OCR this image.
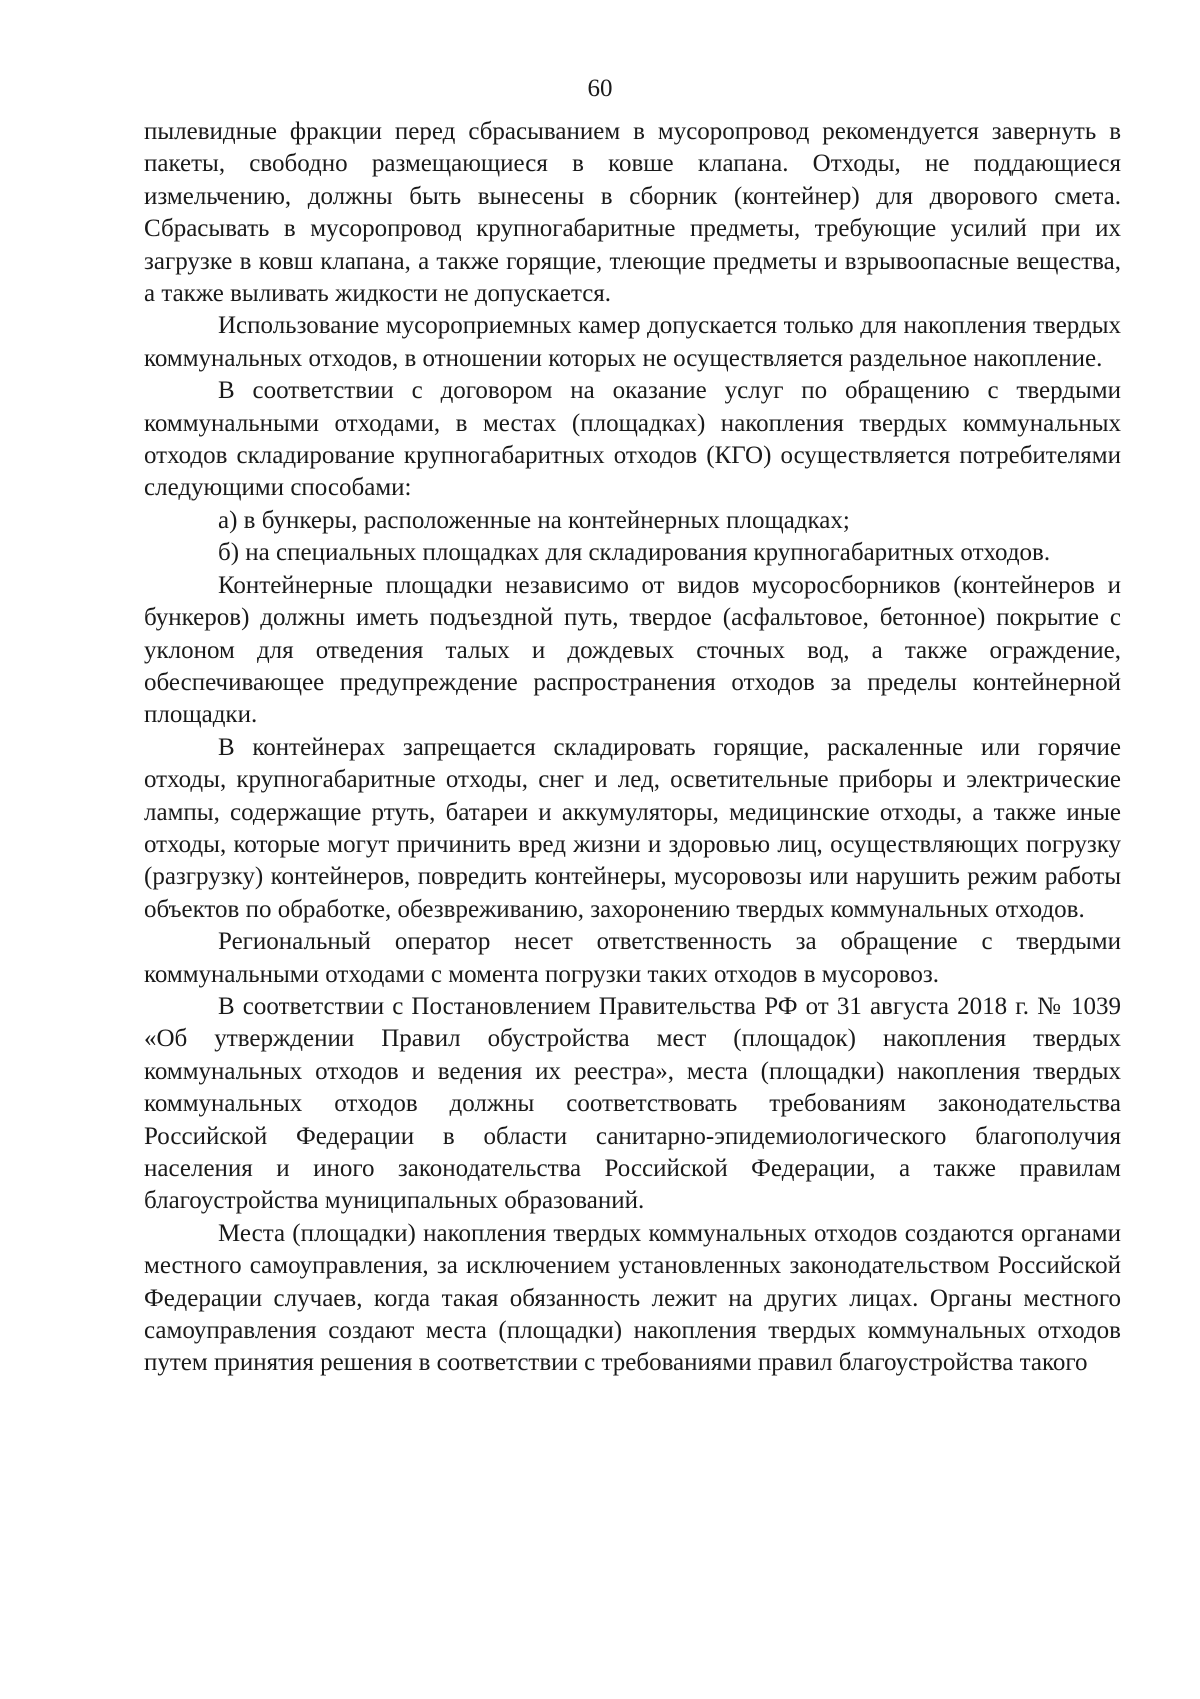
60

пылевидные фракции перед сбрасыванием в мусоропровод рекомендуется завернуть в пакеты, свободно размещающиеся в ковше клапана. Отходы, не поддающиеся измельчению, должны быть вынесены в сборник (контейнер) для дворового смета. Сбрасывать в мусоропровод крупногабаритные предметы, требующие усилий при их загрузке в ковш клапана, а также горящие, тлеющие предметы и взрывоопасные вещества, а также выливать жидкости не допускается.

Использование мусороприемных камер допускается только для накопления твердых коммунальных отходов, в отношении которых не осуществляется раздельное накопление.

В соответствии с договором на оказание услуг по обращению с твердыми коммунальными отходами, в местах (площадках) накопления твердых коммунальных отходов складирование крупногабаритных отходов (КГО) осуществляется потребителями следующими способами:

а) в бункеры, расположенные на контейнерных площадках;

б) на специальных площадках для складирования крупногабаритных отходов.

Контейнерные площадки независимо от видов мусоросборников (контейнеров и бункеров) должны иметь подъездной путь, твердое (асфальтовое, бетонное) покрытие с уклоном для отведения талых и дождевых сточных вод, а также ограждение, обеспечивающее предупреждение распространения отходов за пределы контейнерной площадки.

В контейнерах запрещается складировать горящие, раскаленные или горячие отходы, крупногабаритные отходы, снег и лед, осветительные приборы и электрические лампы, содержащие ртуть, батареи и аккумуляторы, медицинские отходы, а также иные отходы, которые могут причинить вред жизни и здоровью лиц, осуществляющих погрузку (разгрузку) контейнеров, повредить контейнеры, мусоровозы или нарушить режим работы объектов по обработке, обезвреживанию, захоронению твердых коммунальных отходов.

Региональный оператор несет ответственность за обращение с твердыми коммунальными отходами с момента погрузки таких отходов в мусоровоз.

В соответствии с Постановлением Правительства РФ от 31 августа 2018 г. № 1039 «Об утверждении Правил обустройства мест (площадок) накопления твердых коммунальных отходов и ведения их реестра», места (площадки) накопления твердых коммунальных отходов должны соответствовать требованиям законодательства Российской Федерации в области санитарно-эпидемиологического благополучия населения и иного законодательства Российской Федерации, а также правилам благоустройства муниципальных образований.

Места (площадки) накопления твердых коммунальных отходов создаются органами местного самоуправления, за исключением установленных законодательством Российской Федерации случаев, когда такая обязанность лежит на других лицах. Органы местного самоуправления создают места (площадки) накопления твердых коммунальных отходов путем принятия решения в соответствии с требованиями правил благоустройства такого
